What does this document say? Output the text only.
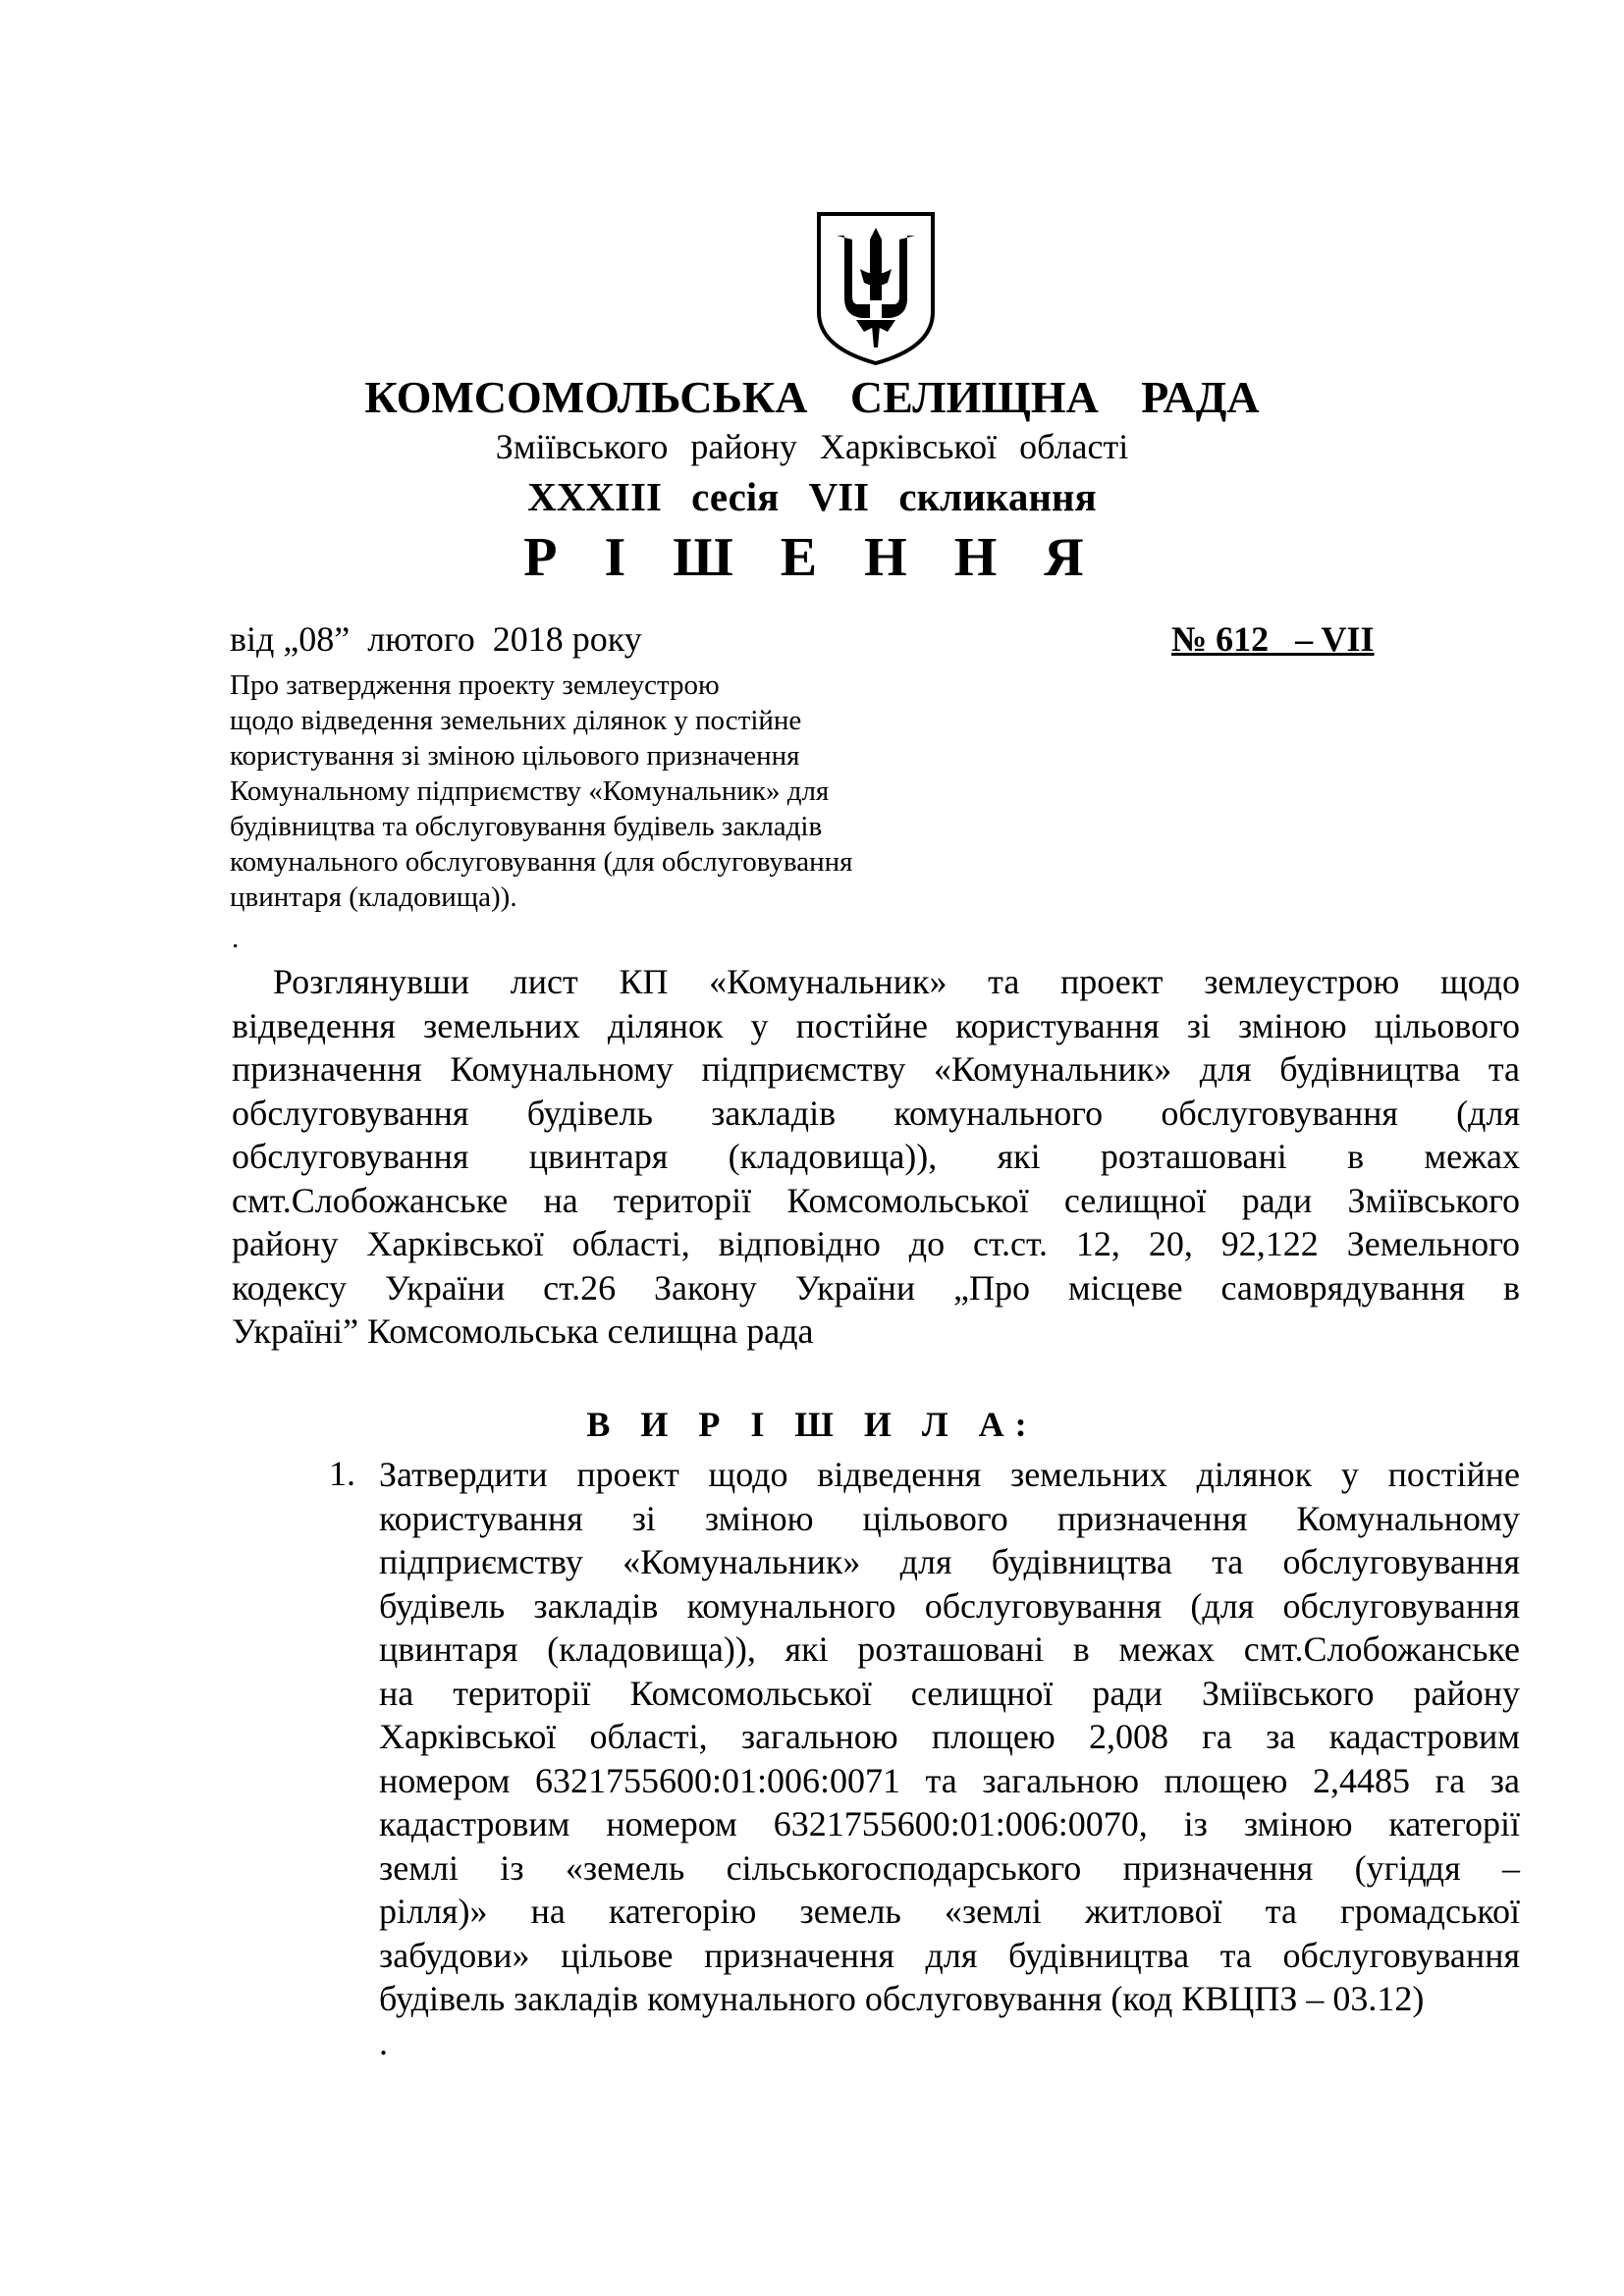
КОМСОМОЛЬСЬКА СЕЛИЩНА РАДА
Зміївського району Харківської області
XXXIII сесія VII скликання
Р І Ш Е Н Н Я
від „08”  лютого  2018 року	№ 612   – VII
Про затвердження проекту землеустрою
щодо відведення земельних ділянок у постійне
користування зі зміною цільового призначення
Комунальному підприємству «Комунальник» для
будівництва та обслуговування будівель закладів
комунального обслуговування (для обслуговування
цвинтаря (кладовища)).
.
Розглянувши лист КП «Комунальник» та проект землеустрою щодо
відведення земельних ділянок у постійне користування зі зміною цільового
призначення Комунальному підприємству «Комунальник» для будівництва та
обслуговування будівель закладів комунального обслуговування (для
обслуговування цвинтаря (кладовища)), які розташовані в межах
смт.Слобожанське на території Комсомольської селищної ради Зміївського
району Харківської області, відповідно до ст.ст. 12, 20, 92,122 Земельного
кодексу України ст.26 Закону України „Про місцеве самоврядування в
Україні” Комсомольська селищна рада
В И Р І Ш И Л А:
1. Затвердити проект щодо відведення земельних ділянок у постійне
користування зі зміною цільового призначення Комунальному
підприємству «Комунальник» для будівництва та обслуговування
будівель закладів комунального обслуговування (для обслуговування
цвинтаря (кладовища)), які розташовані в межах смт.Слобожанське
на території Комсомольської селищної ради Зміївського району
Харківської області, загальною площею 2,008 га за кадастровим
номером 6321755600:01:006:0071 та загальною площею 2,4485 га за
кадастровим номером 6321755600:01:006:0070, із зміною категорії
землі із «земель сільськогосподарського призначення (угіддя –
рілля)» на категорію земель «землі житлової та громадської
забудови» цільове призначення для будівництва та обслуговування
будівель закладів комунального обслуговування (код КВЦПЗ – 03.12)
.
